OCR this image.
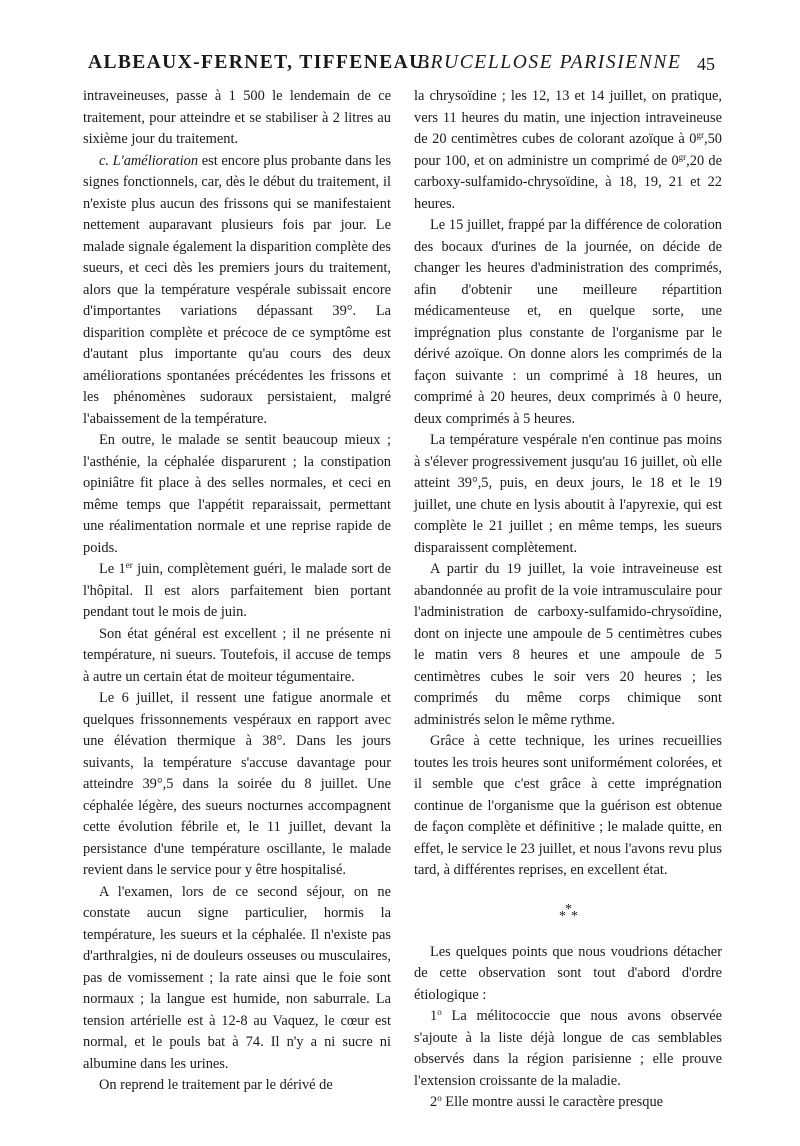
ALBEAUX-FERNET, TIFFENEAU.
BRUCELLOSE PARISIENNE 45

intraveineuses, passe à 1 500 le lendemain de ce traitement, pour atteindre et se stabiliser à 2 litres au sixième jour du traitement.

c. L'amélioration est encore plus probante dans les signes fonctionnels, car, dès le début du traitement, il n'existe plus aucun des frissons qui se manifestaient nettement auparavant plusieurs fois par jour. Le malade signale également la disparition complète des sueurs, et ceci dès les premiers jours du traitement, alors que la température vespérale subissait encore d'importantes variations dépassant 39°. La disparition complète et précoce de ce symptôme est d'autant plus importante qu'au cours des deux améliorations spontanées précédentes les frissons et les phénomènes sudoraux persistaient, malgré l'abaissement de la température.

En outre, le malade se sentit beaucoup mieux ; l'asthénie, la céphalée disparurent ; la constipation opiniâtre fit place à des selles normales, et ceci en même temps que l'appétit reparaissait, permettant une réalimentation normale et une reprise rapide de poids.

Le 1er juin, complètement guéri, le malade sort de l'hôpital. Il est alors parfaitement bien portant pendant tout le mois de juin.

Son état général est excellent ; il ne présente ni température, ni sueurs. Toutefois, il accuse de temps à autre un certain état de moiteur tégumentaire.

Le 6 juillet, il ressent une fatigue anormale et quelques frissonnements vespéraux en rapport avec une élévation thermique à 38°. Dans les jours suivants, la température s'accuse davantage pour atteindre 39°,5 dans la soirée du 8 juillet. Une céphalée légère, des sueurs nocturnes accompagnent cette évolution fébrile et, le 11 juillet, devant la persistance d'une température oscillante, le malade revient dans le service pour y être hospitalisé.

A l'examen, lors de ce second séjour, on ne constate aucun signe particulier, hormis la température, les sueurs et la céphalée. Il n'existe pas d'arthralgies, ni de douleurs osseuses ou musculaires, pas de vomissement ; la rate ainsi que le foie sont normaux ; la langue est humide, non saburrale. La tension artérielle est à 12-8 au Vaquez, le cœur est normal, et le pouls bat à 74. Il n'y a ni sucre ni albumine dans les urines.

On reprend le traitement par le dérivé de

la chrysoïdine ; les 12, 13 et 14 juillet, on pratique, vers 11 heures du matin, une injection intraveineuse de 20 centimètres cubes de colorant azoïque à $0^{gr},50$ pour 100, et on administre un comprimé de $0^{gr},20$ de carboxy-sulfamido-chrysoïdine, à 18, 19, 21 et 22 heures.

Le 15 juillet, frappé par la différence de coloration des bocaux d'urines de la journée, on décide de changer les heures d'administration des comprimés, afin d'obtenir une meilleure répartition médicamenteuse et, en quelque sorte, une imprégnation plus constante de l'organisme par le dérivé azoïque. On donne alors les comprimés de la façon suivante : un comprimé à 18 heures, un comprimé à 20 heures, deux comprimés à 0 heure, deux comprimés à 5 heures.

La température vespérale n'en continue pas moins à s'élever progressivement jusqu'au 16 juillet, où elle atteint 39°,5, puis, en deux jours, le 18 et le 19 juillet, une chute en lysis aboutit à l'apyrexie, qui est complète le 21 juillet ; en même temps, les sueurs disparaissent complètement.

A partir du 19 juillet, la voie intraveineuse est abandonnée au profit de la voie intramusculaire pour l'administration de carboxy-sulfamido-chrysoïdine, dont on injecte une ampoule de 5 centimètres cubes le matin vers 8 heures et une ampoule de 5 centimètres cubes le soir vers 20 heures ; les comprimés du même corps chimique sont administrés selon le même rythme.

Grâce à cette technique, les urines recueillies toutes les trois heures sont uniformément colorées, et il semble que c'est grâce à cette imprégnation continue de l'organisme que la guérison est obtenue de façon complète et définitive ; le malade quitte, en effet, le service le 23 juillet, et nous l'avons revu plus tard, à différentes reprises, en excellent état.

*
* *

Les quelques points que nous voudrions détacher de cette observation sont tout d'abord d'ordre étiologique :

1$^o$ La mélitococcie que nous avons observée s'ajoute à la liste déjà longue de cas semblables observés dans la région parisienne ; elle prouve l'extension croissante de la maladie.

2$^o$ Elle montre aussi le caractère presque
